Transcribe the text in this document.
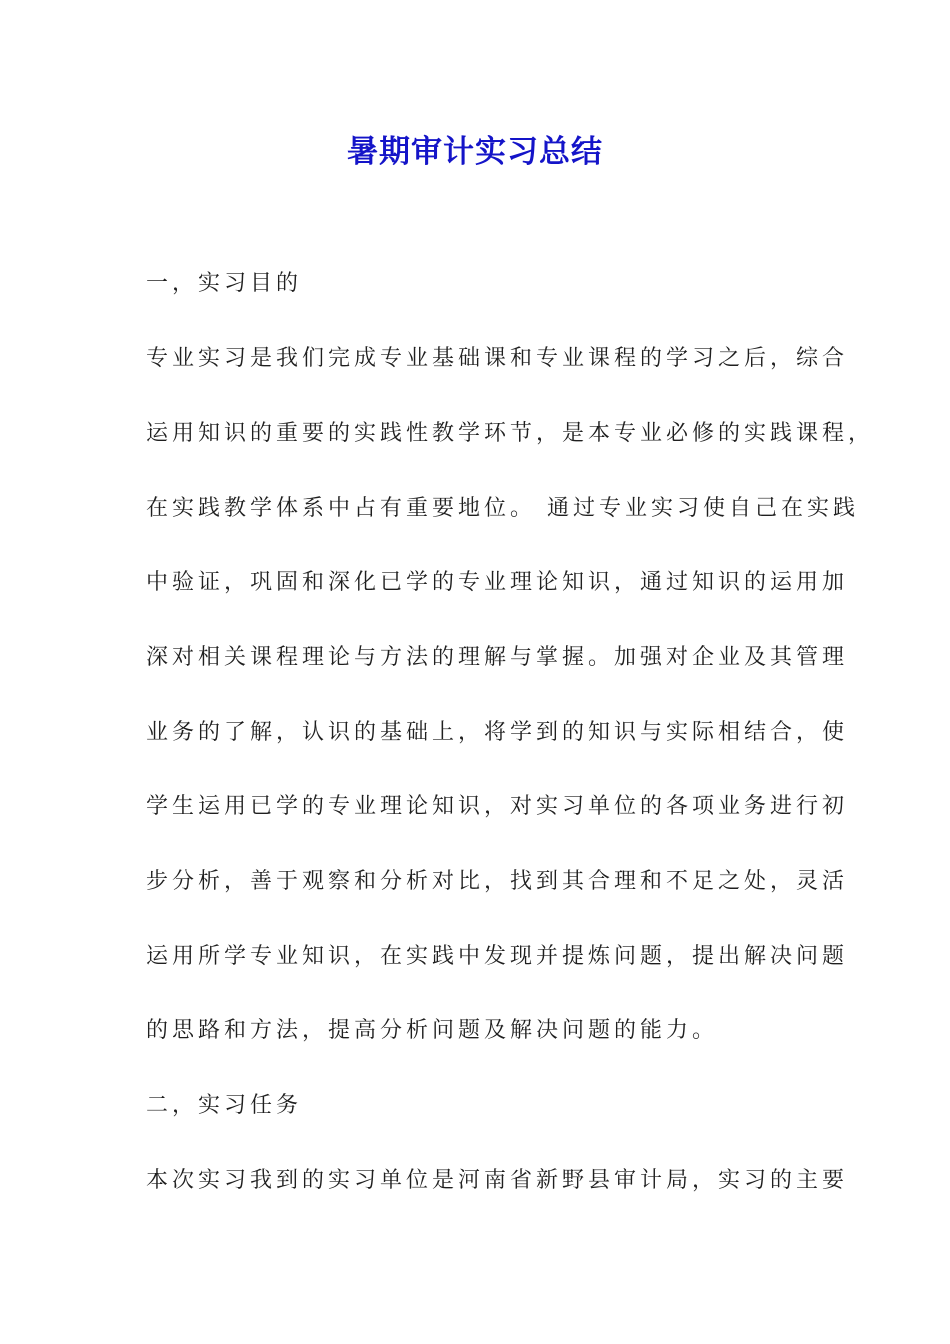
暑期审计实习总结
一，实习目的
专业实习是我们完成专业基础课和专业课程的学习之后，综合
运用知识的重要的实践性教学环节，是本专业必修的实践课程，
在实践教学体系中占有重要地位。 通过专业实习使自己在实践
中验证，巩固和深化已学的专业理论知识，通过知识的运用加
深对相关课程理论与方法的理解与掌握。加强对企业及其管理
业务的了解，认识的基础上，将学到的知识与实际相结合，使
学生运用已学的专业理论知识，对实习单位的各项业务进行初
步分析，善于观察和分析对比，找到其合理和不足之处，灵活
运用所学专业知识，在实践中发现并提炼问题，提出解决问题
的思路和方法，提高分析问题及解决问题的能力。
二，实习任务
本次实习我到的实习单位是河南省新野县审计局，实习的主要
